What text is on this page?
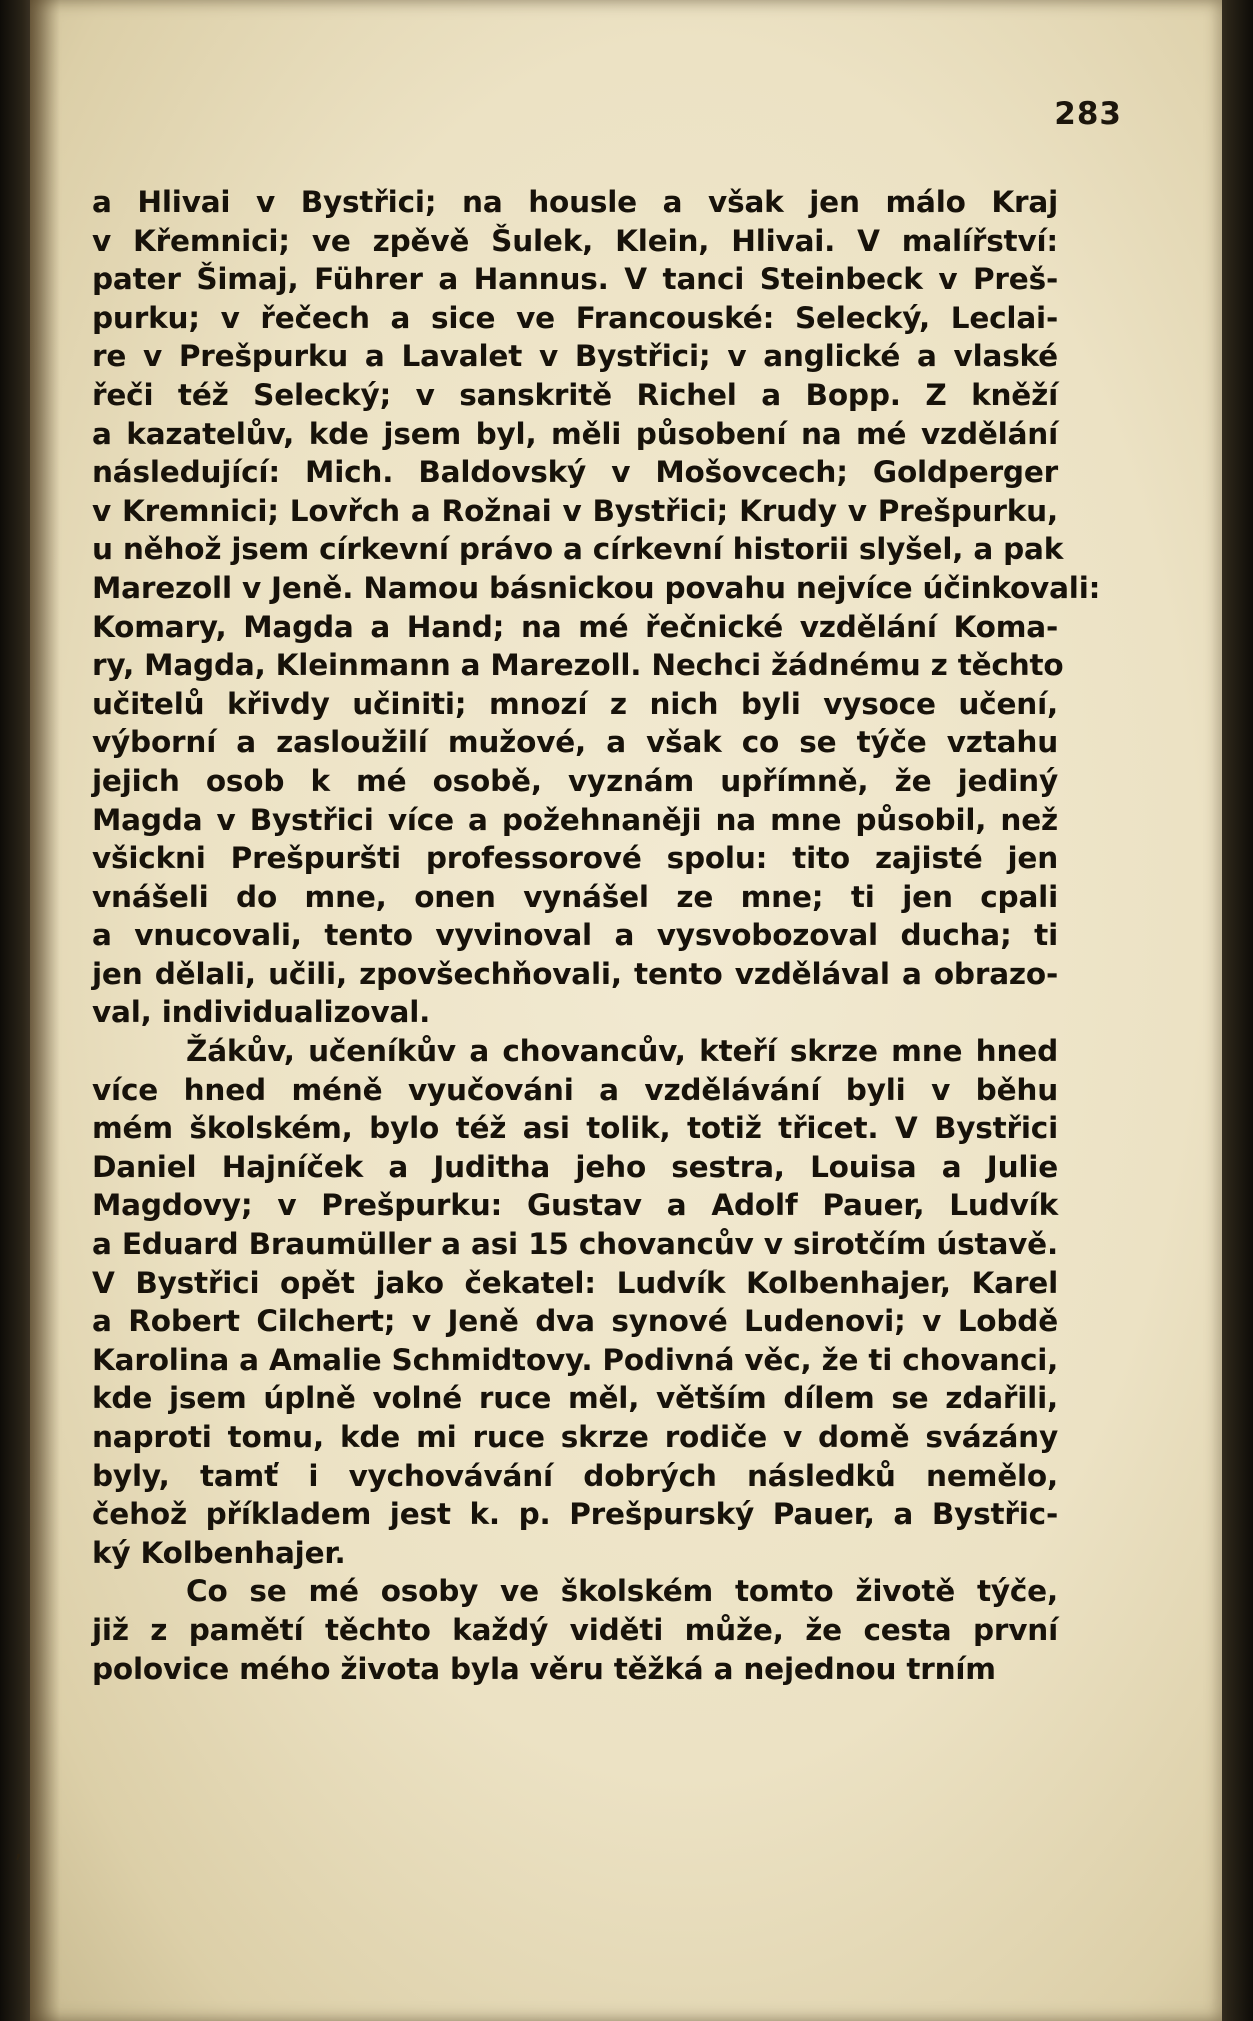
283
a Hlivai v Bystřici; na housle a však jen málo Kraj
v Křemnici; ve zpěvě Šulek, Klein, Hlivai. V malířství:
pater Šimaj, Führer a Hannus. V tanci Steinbeck v Preš-
purku; v řečech a sice ve Francouské: Selecký, Leclai-
re v Prešpurku a Lavalet v Bystřici; v anglické a vlaské
řeči též Selecký; v sanskritě Richel a Bopp. Z kněží
a kazatelův, kde jsem byl, měli působení na mé vzdělání
následující: Mich. Baldovský v Mošovcech; Goldperger
v Kremnici; Lovřch a Rožnai v Bystřici; Krudy v Prešpurku,
u něhož jsem církevní právo a církevní historii slyšel, a pak
Marezoll v Jeně. Namou básnickou povahu nejvíce účinkovali:
Komary, Magda a Hand; na mé řečnické vzdělání Koma-
ry, Magda, Kleinmann a Marezoll. Nechci žádnému z těchto
učitelů křivdy učiniti; mnozí z nich byli vysoce učení,
výborní a zasloužilí mužové, a však co se týče vztahu
jejich osob k mé osobě, vyznám upřímně, že jediný
Magda v Bystřici více a požehnaněji na mne působil, než
všickni Prešpuršti professorové spolu: tito zajisté jen
vnášeli do mne, onen vynášel ze mne; ti jen cpali
a vnucovali, tento vyvinoval a vysvobozoval ducha; ti
jen dělali, učili, zpovšechňovali, tento vzdělával a obrazo-
val, individualizoval.
Žákův, učeníkův a chovancův, kteří skrze mne hned
více hned méně vyučováni a vzdělávání byli v běhu
mém školském, bylo též asi tolik, totiž třicet. V Bystřici
Daniel Hajníček a Juditha jeho sestra, Louisa a Julie
Magdovy; v Prešpurku: Gustav a Adolf Pauer, Ludvík
a Eduard Braumüller a asi 15 chovancův v sirotčím ústavě.
V Bystřici opět jako čekatel: Ludvík Kolbenhajer, Karel
a Robert Cilchert; v Jeně dva synové Ludenovi; v Lobdě
Karolina a Amalie Schmidtovy. Podivná věc, že ti chovanci,
kde jsem úplně volné ruce měl, větším dílem se zdařili,
naproti tomu, kde mi ruce skrze rodiče v domě svázány
byly, tamť i vychovávání dobrých následků nemělo,
čehož příkladem jest k. p. Prešpurský Pauer, a Bystřic-
ký Kolbenhajer.
Co se mé osoby ve školském tomto životě týče,
již z pamětí těchto každý viděti může, že cesta první
polovice mého života byla věru těžká a nejednou trním
’
